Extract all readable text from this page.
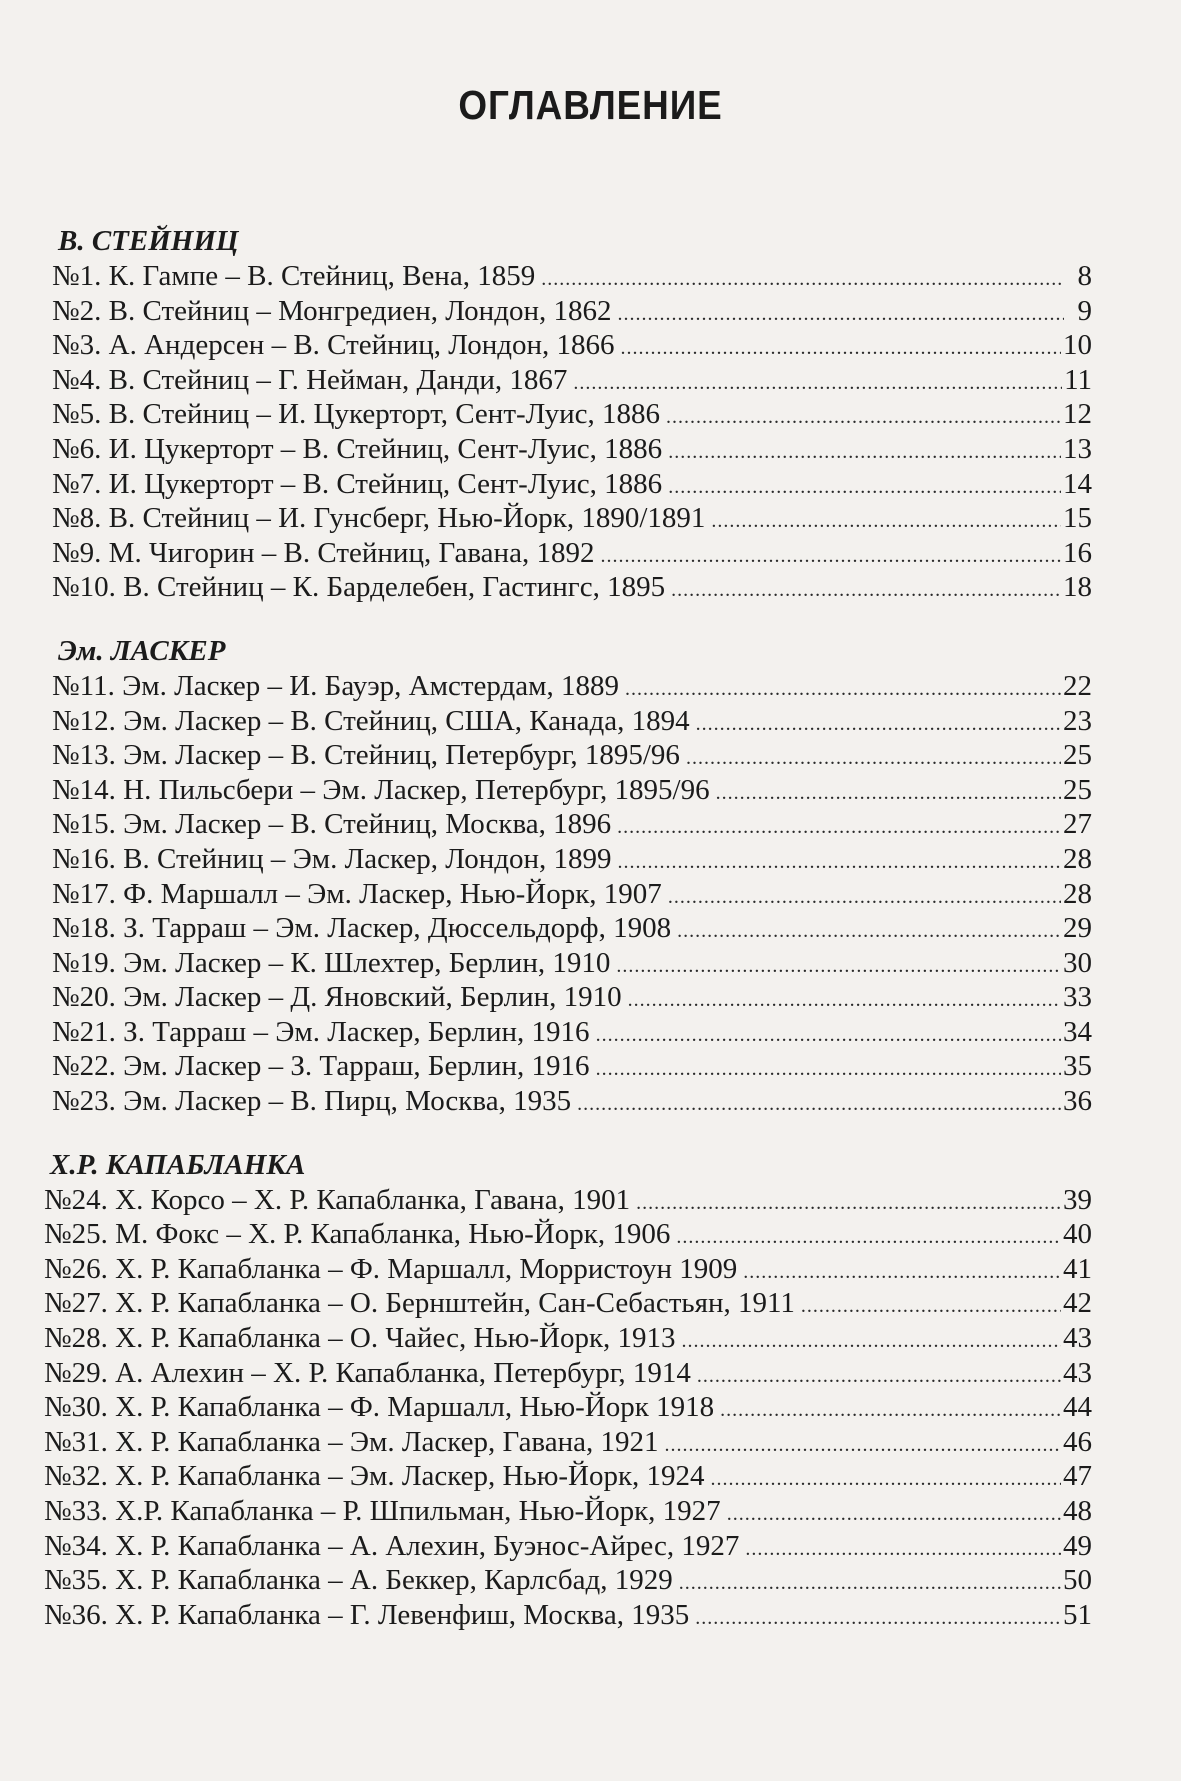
ОГЛАВЛЕНИЕ
В. СТЕЙНИЦ
№1. К. Гампе – В. Стейниц, Вена, 1859 .....	8
№2. В. Стейниц – Монгредиен, Лондон, 1862 .....	9
№3. А. Андерсен – В. Стейниц, Лондон, 1866 .....	10
№4. В. Стейниц – Г. Нейман, Данди, 1867 .....	11
№5. В. Стейниц – И. Цукерторт, Сент-Луис, 1886 .....	12
№6. И. Цукерторт – В. Стейниц, Сент-Луис, 1886 .....	13
№7. И. Цукерторт – В. Стейниц, Сент-Луис, 1886 .....	14
№8. В. Стейниц – И. Гунсберг, Нью-Йорк, 1890/1891 .....	15
№9. М. Чигорин – В. Стейниц, Гавана, 1892 .....	16
№10. В. Стейниц – К. Барделебен, Гастингс, 1895 .....	18
Эм. ЛАСКЕР
№11. Эм. Ласкер – И. Бауэр, Амстердам, 1889 .....	22
№12. Эм. Ласкер – В. Стейниц, США, Канада, 1894 .....	23
№13. Эм. Ласкер – В. Стейниц, Петербург, 1895/96 .....	25
№14. Н. Пильсбери – Эм. Ласкер, Петербург, 1895/96 .....	25
№15. Эм. Ласкер – В. Стейниц, Москва, 1896 .....	27
№16. В. Стейниц – Эм. Ласкер, Лондон, 1899 .....	28
№17. Ф. Маршалл – Эм. Ласкер, Нью-Йорк, 1907 .....	28
№18. З. Тарраш – Эм. Ласкер, Дюссельдорф, 1908 .....	29
№19. Эм. Ласкер – К. Шлехтер, Берлин, 1910 .....	30
№20. Эм. Ласкер – Д. Яновский, Берлин, 1910 .....	33
№21. З. Тарраш – Эм. Ласкер, Берлин, 1916 .....	34
№22. Эм. Ласкер – З. Тарраш, Берлин, 1916 .....	35
№23. Эм. Ласкер – В. Пирц, Москва, 1935 .....	36
Х.Р. КАПАБЛАНКА
№24. Х. Корсо – Х. Р. Капабланка, Гавана, 1901 .....	39
№25. М. Фокс – Х. Р. Капабланка, Нью-Йорк, 1906 .....	40
№26. Х. Р. Капабланка – Ф. Маршалл, Морристоун 1909 .....	41
№27. Х. Р. Капабланка – О. Бернштейн, Сан-Себастьян, 1911 .....	42
№28. Х. Р. Капабланка – О. Чайес, Нью-Йорк, 1913 .....	43
№29. А. Алехин – Х. Р. Капабланка, Петербург, 1914 .....	43
№30. Х. Р. Капабланка – Ф. Маршалл, Нью-Йорк 1918 .....	44
№31. Х. Р. Капабланка – Эм. Ласкер, Гавана, 1921 .....	46
№32. Х. Р. Капабланка – Эм. Ласкер, Нью-Йорк, 1924 .....	47
№33. Х.Р. Капабланка – Р. Шпильман, Нью-Йорк, 1927 .....	48
№34. Х. Р. Капабланка – А. Алехин, Буэнос-Айрес, 1927 .....	49
№35. Х. Р. Капабланка – А. Беккер, Карлсбад, 1929 .....	50
№36. Х. Р. Капабланка – Г. Левенфиш, Москва, 1935 .....	51
